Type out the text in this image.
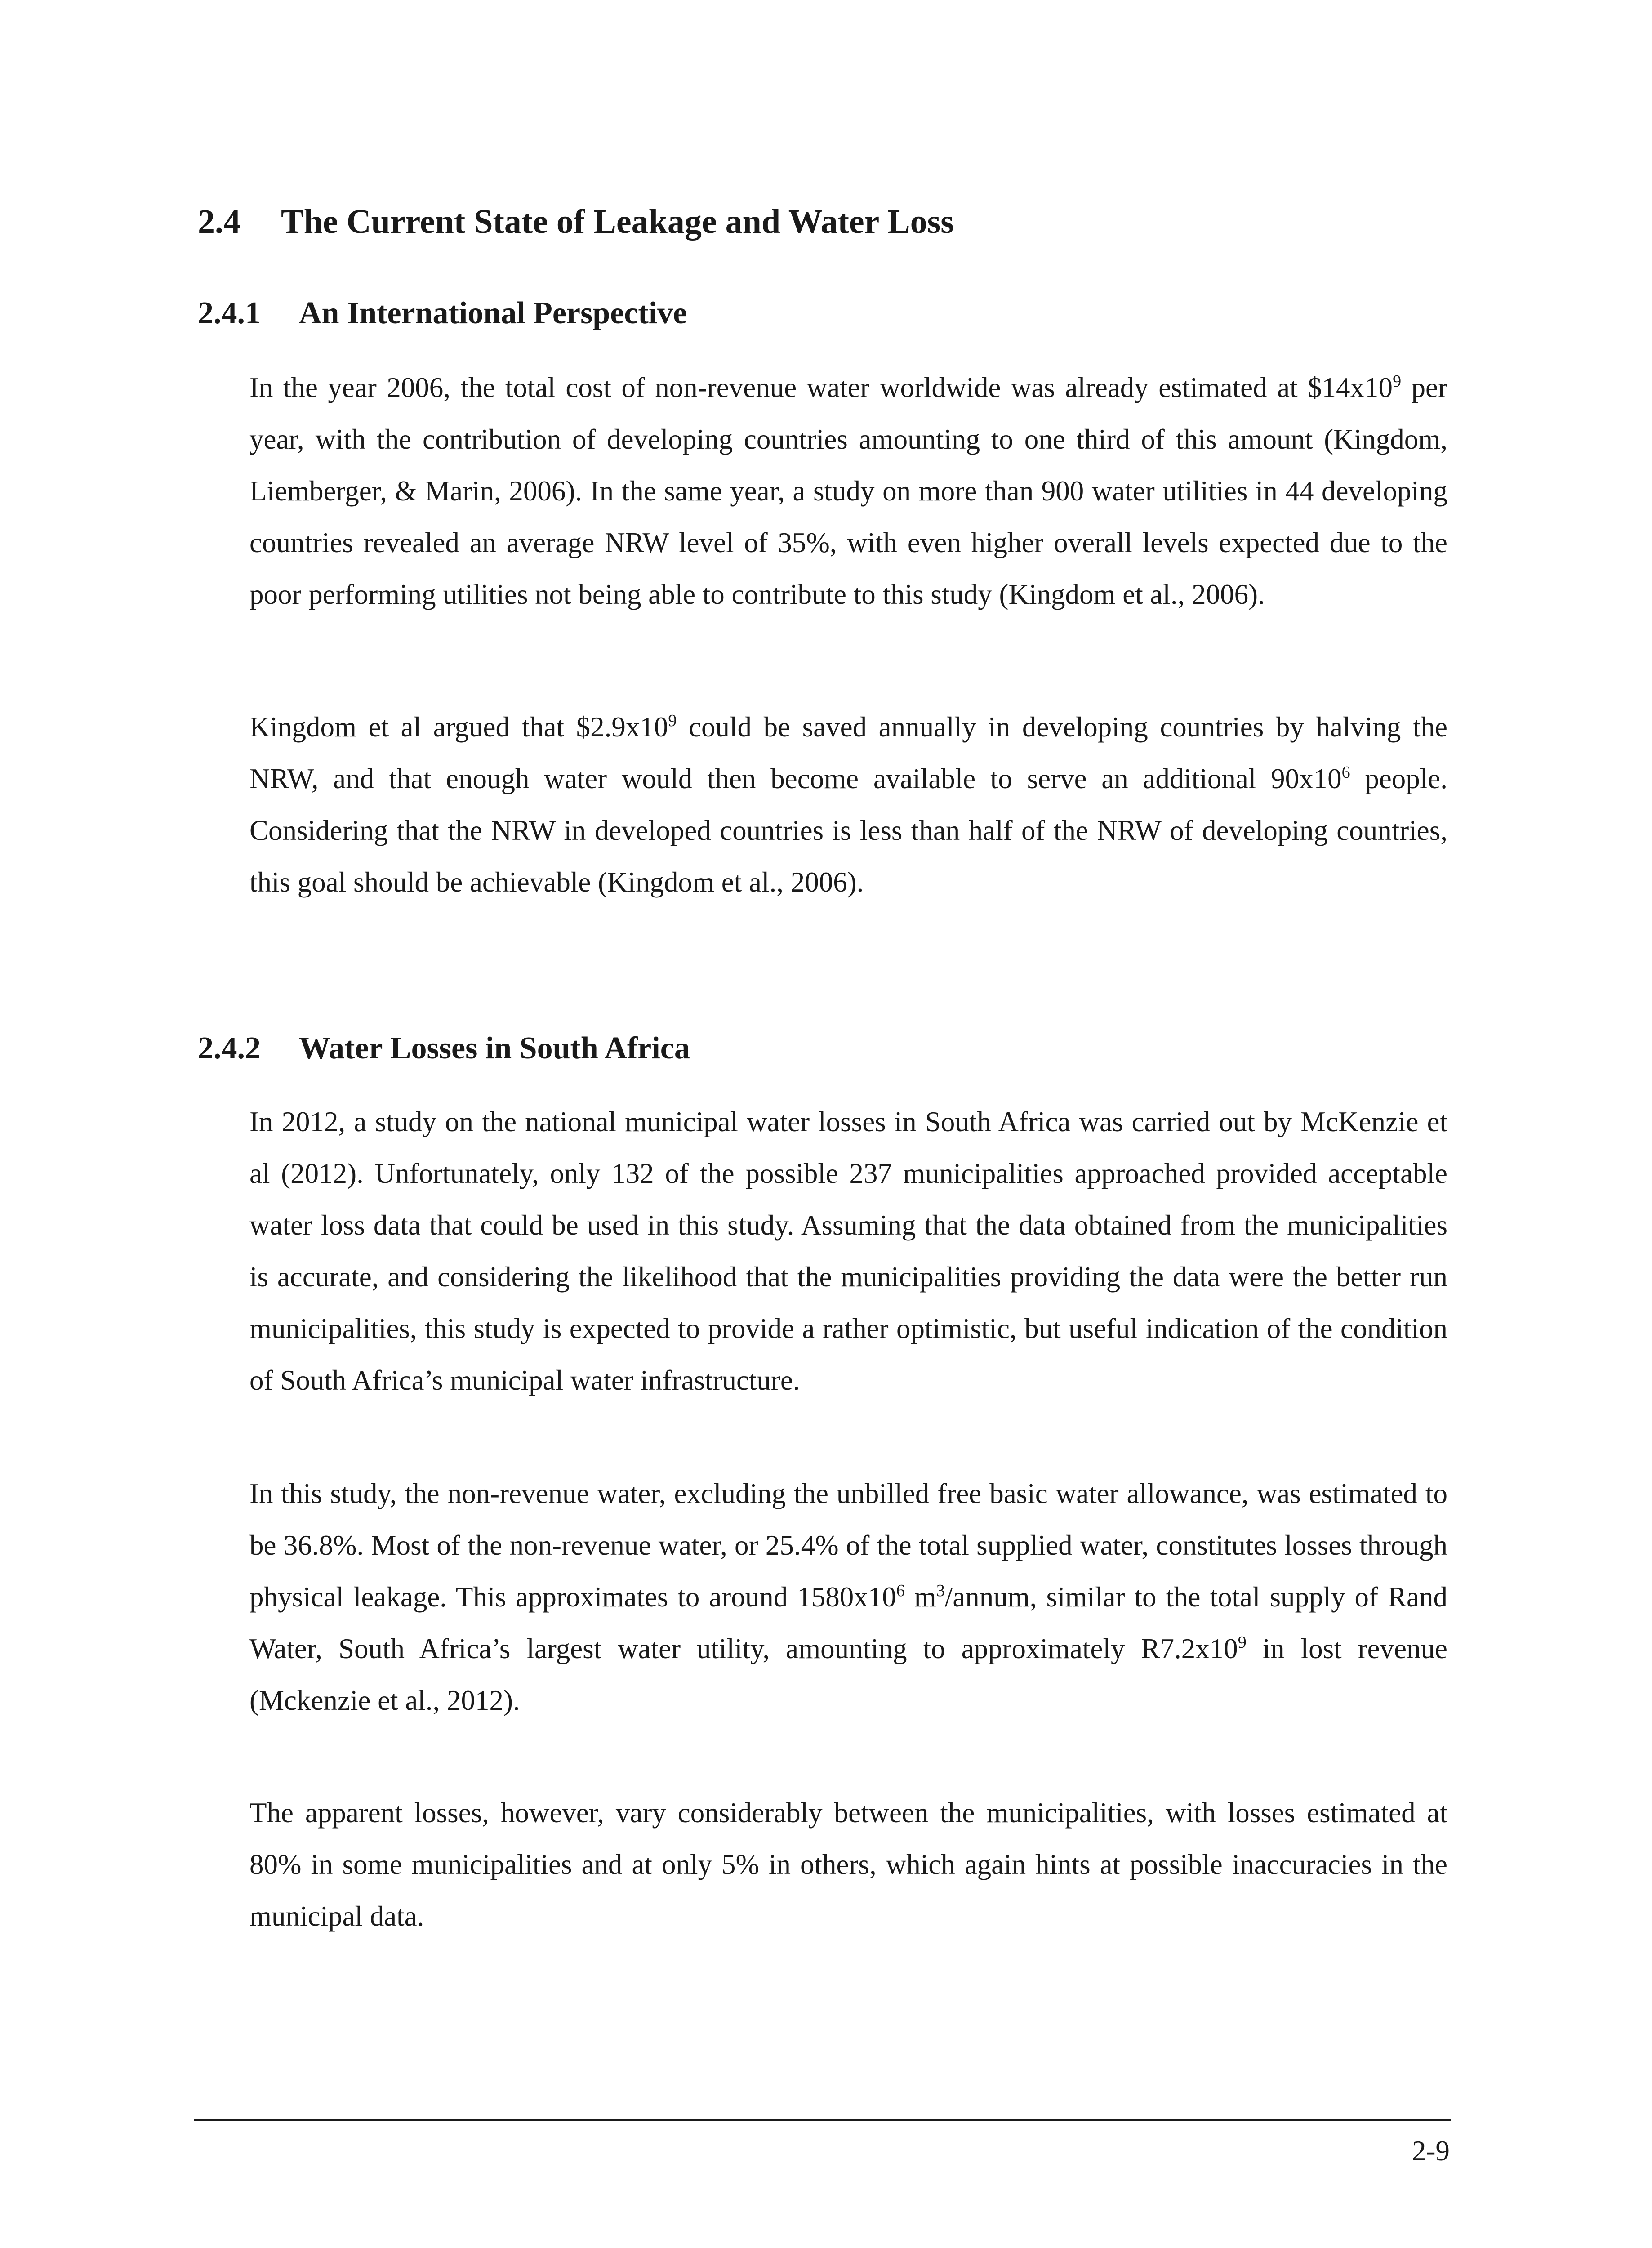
2.4 The Current State of Leakage and Water Loss
2.4.1 An International Perspective

In the year 2006, the total cost of non-revenue water worldwide was already estimated at $\$14x10^9$ per year, with the contribution of developing countries amounting to one third of this amount (Kingdom, Liemberger, & Marin, 2006). In the same year, a study on more than 900 water utilities in 44 developing countries revealed an average NRW level of 35%, with even higher overall levels expected due to the poor performing utilities not being able to contribute to this study (Kingdom et al., 2006).

Kingdom et al argued that $\$2.9x10^9$ could be saved annually in developing countries by halving the NRW, and that enough water would then become available to serve an additional $90x10^6$ people. Considering that the NRW in developed countries is less than half of the NRW of developing countries, this goal should be achievable (Kingdom et al., 2006).

2.4.2 Water Losses in South Africa

In 2012, a study on the national municipal water losses in South Africa was carried out by McKenzie et al (2012). Unfortunately, only 132 of the possible 237 municipalities approached provided acceptable water loss data that could be used in this study. Assuming that the data obtained from the municipalities is accurate, and considering the likelihood that the municipalities providing the data were the better run municipalities, this study is expected to provide a rather optimistic, but useful indication of the condition of South Africa’s municipal water infrastructure.

In this study, the non-revenue water, excluding the unbilled free basic water allowance, was estimated to be 36.8%. Most of the non-revenue water, or 25.4% of the total supplied water, constitutes losses through physical leakage. This approximates to around $1580x10^6$ $m^3$/annum, similar to the total supply of Rand Water, South Africa’s largest water utility, amounting to approximately $R7.2x10^9$ in lost revenue (Mckenzie et al., 2012).

The apparent losses, however, vary considerably between the municipalities, with losses estimated at 80% in some municipalities and at only 5% in others, which again hints at possible inaccuracies in the municipal data.

2-9
